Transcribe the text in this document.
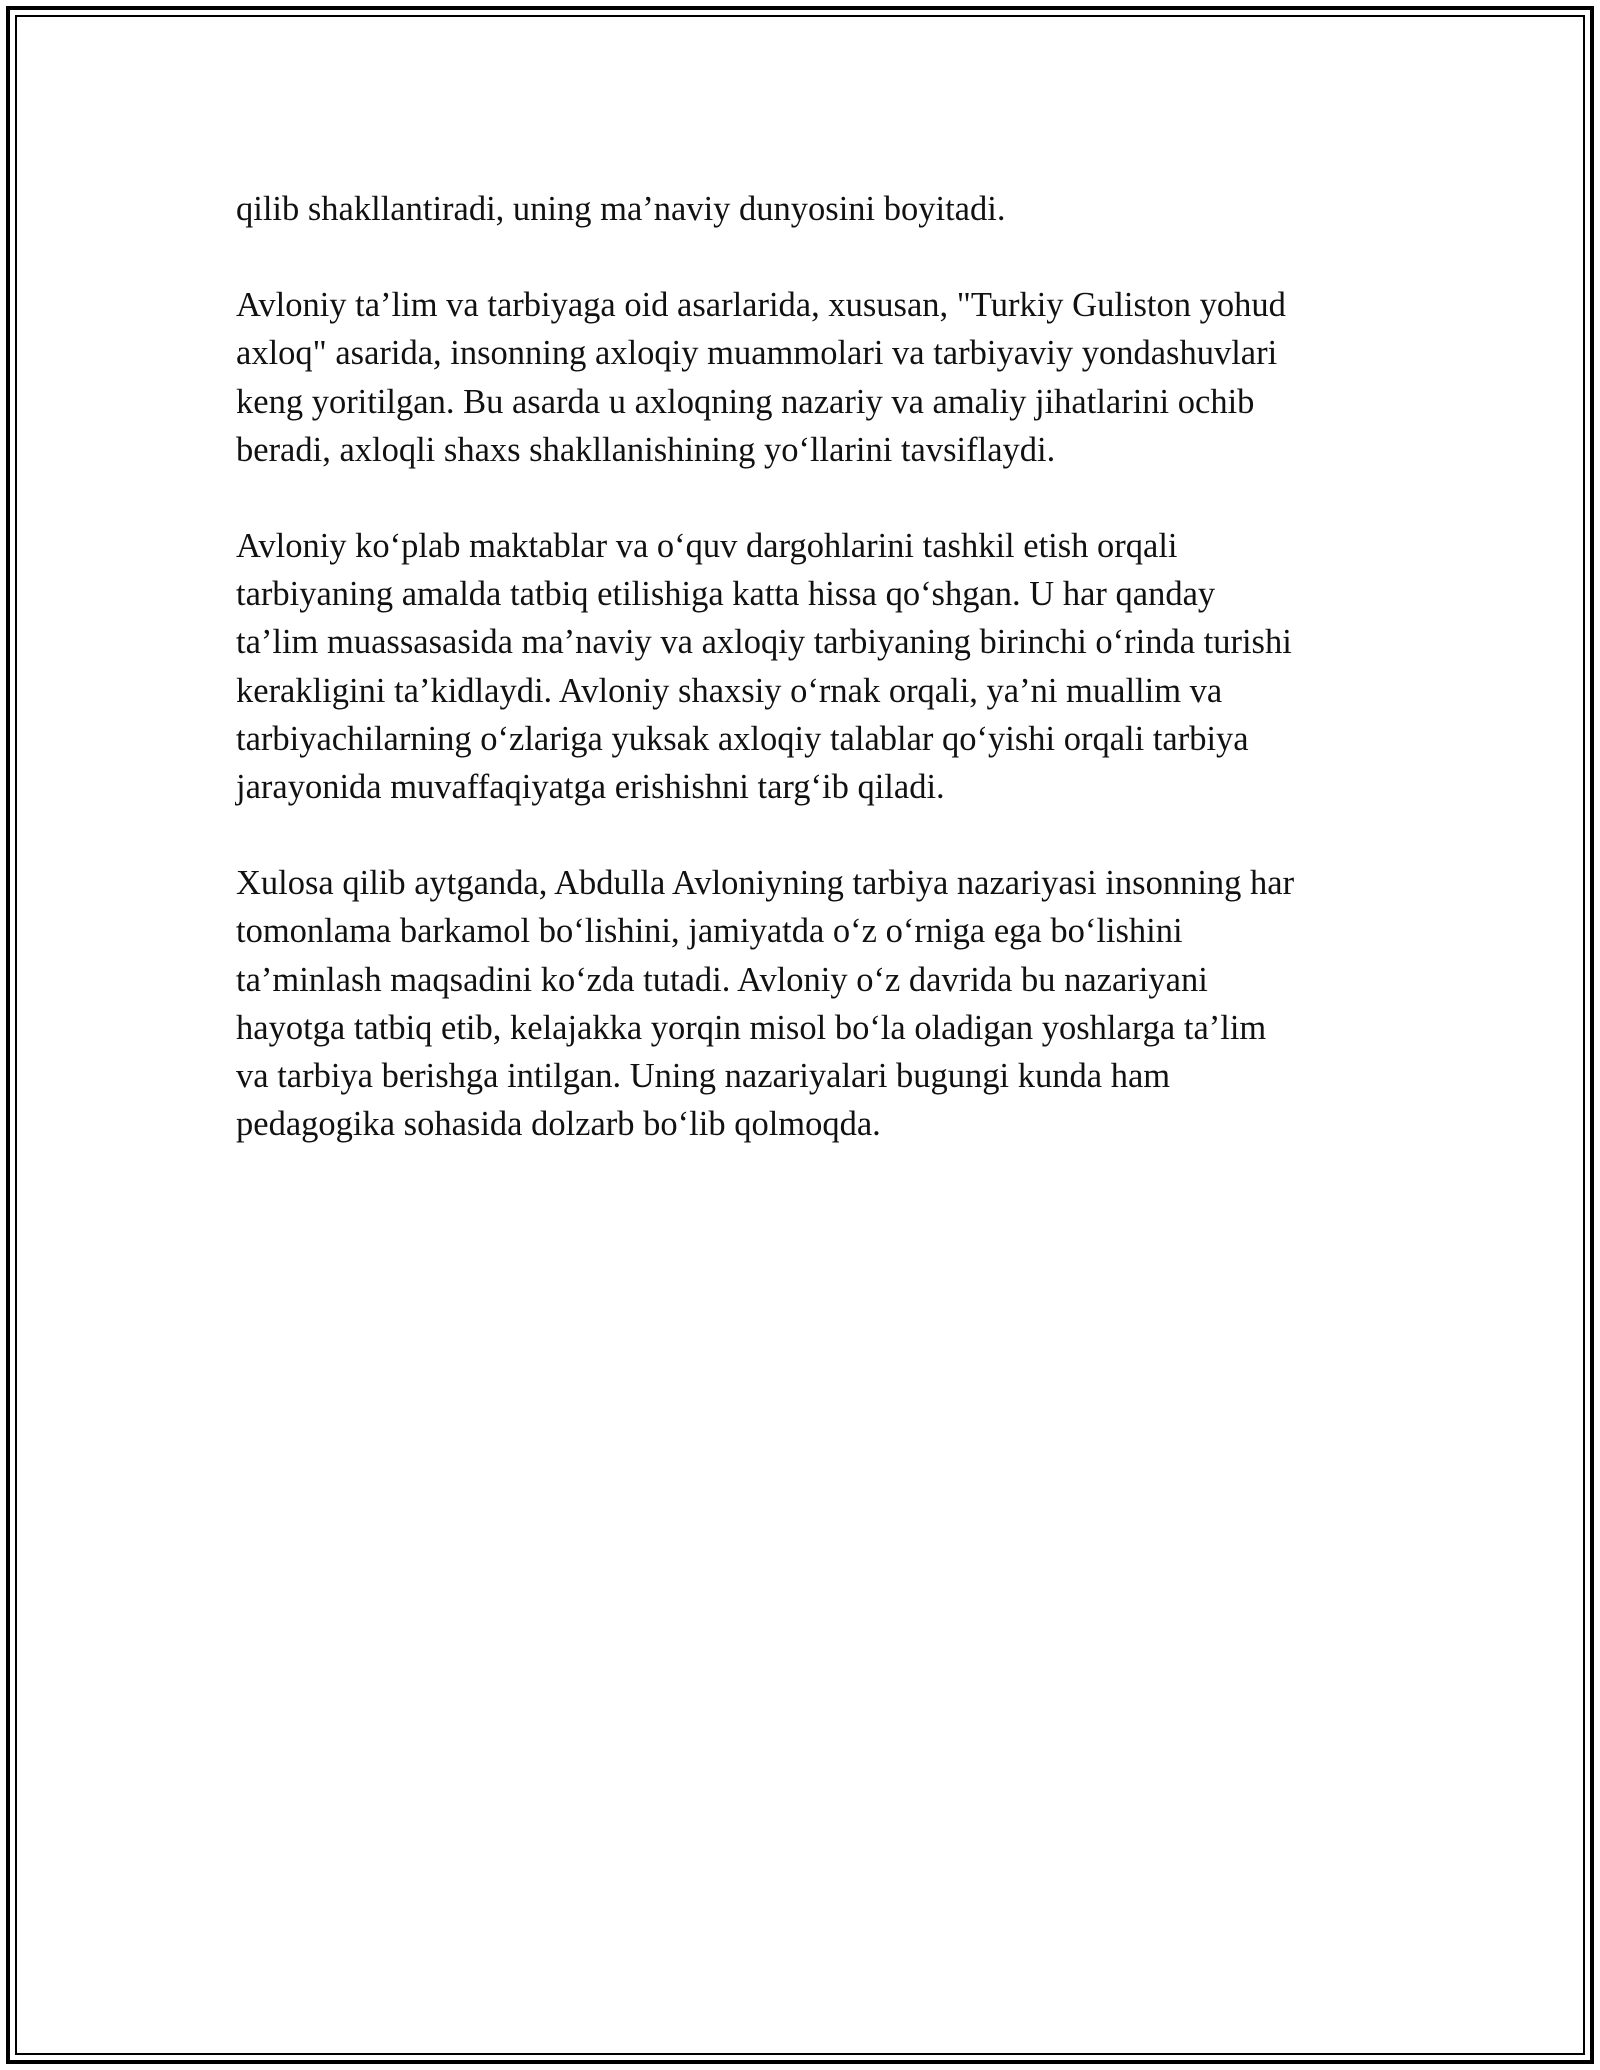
qilib shakllantiradi, uning ma’naviy dunyosini boyitadi.

Avloniy ta’lim va tarbiyaga oid asarlarida, xususan, "Turkiy Guliston yohud
axloq" asarida, insonning axloqiy muammolari va tarbiyaviy yondashuvlari
keng yoritilgan. Bu asarda u axloqning nazariy va amaliy jihatlarini ochib
beradi, axloqli shaxs shakllanishining yo‘llarini tavsiflaydi.

Avloniy ko‘plab maktablar va o‘quv dargohlarini tashkil etish orqali
tarbiyaning amalda tatbiq etilishiga katta hissa qo‘shgan. U har qanday
ta’lim muassasasida ma’naviy va axloqiy tarbiyaning birinchi o‘rinda turishi
kerakligini ta’kidlaydi. Avloniy shaxsiy o‘rnak orqali, ya’ni muallim va
tarbiyachilarning o‘zlariga yuksak axloqiy talablar qo‘yishi orqali tarbiya
jarayonida muvaffaqiyatga erishishni targ‘ib qiladi.

Xulosa qilib aytganda, Abdulla Avloniyning tarbiya nazariyasi insonning har
tomonlama barkamol bo‘lishini, jamiyatda o‘z o‘rniga ega bo‘lishini
ta’minlash maqsadini ko‘zda tutadi. Avloniy o‘z davrida bu nazariyani
hayotga tatbiq etib, kelajakka yorqin misol bo‘la oladigan yoshlarga ta’lim
va tarbiya berishga intilgan. Uning nazariyalari bugungi kunda ham
pedagogika sohasida dolzarb bo‘lib qolmoqda.
